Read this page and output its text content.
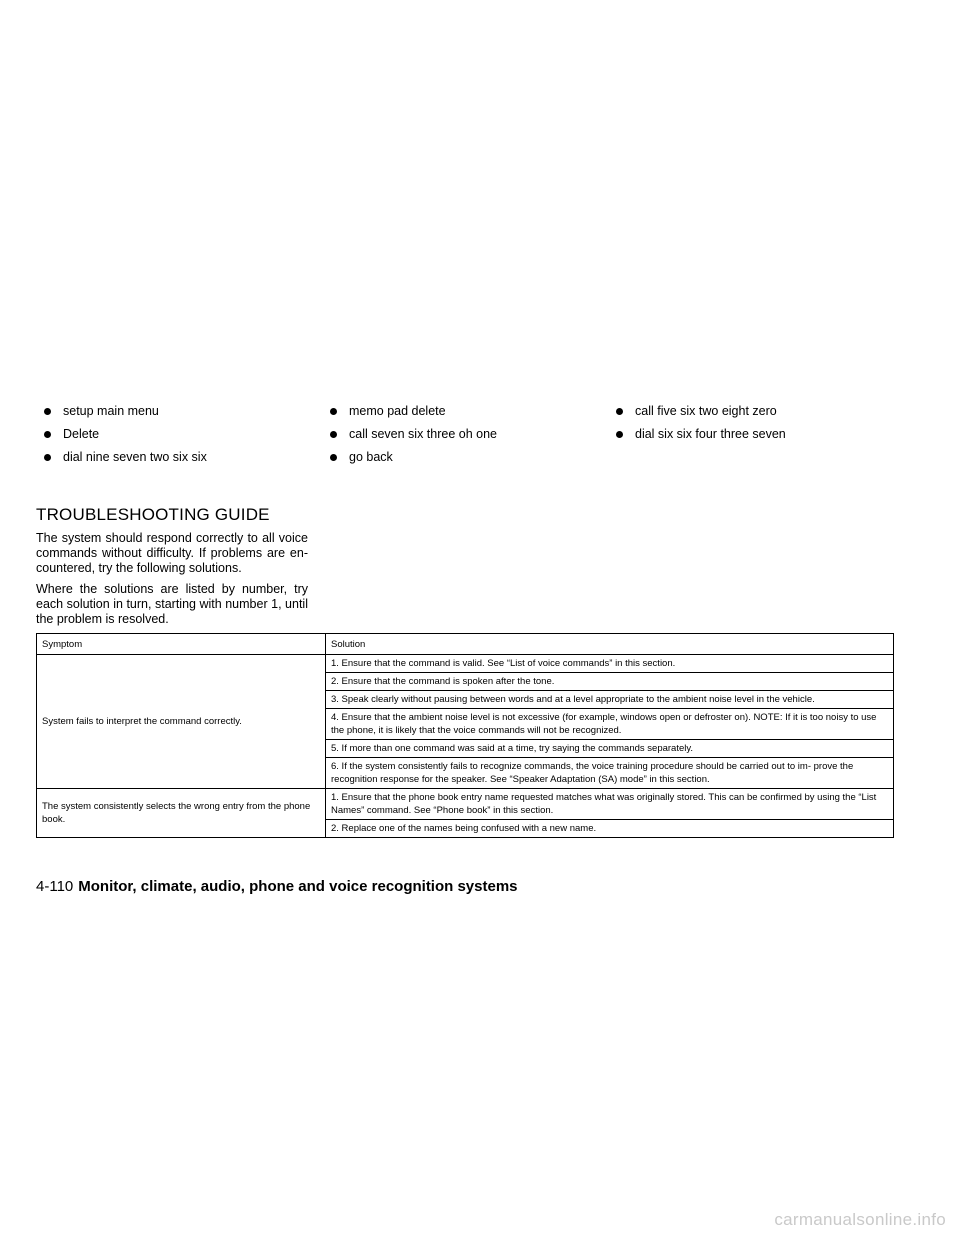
setup main menu
Delete
dial nine seven two six six
memo pad delete
call seven six three oh one
go back
call five six two eight zero
dial six six four three seven
TROUBLESHOOTING GUIDE
The system should respond correctly to all voice commands without difficulty. If problems are en- countered, try the following solutions.
Where the solutions are listed by number, try each solution in turn, starting with number 1, until the problem is resolved.
Symptom	Solution
System fails to interpret the command correctly.	1. Ensure that the command is valid. See “List of voice commands” in this section.
	2. Ensure that the command is spoken after the tone.
	3. Speak clearly without pausing between words and at a level appropriate to the ambient noise level in the vehicle.
	4. Ensure that the ambient noise level is not excessive (for example, windows open or defroster on). NOTE: If it is too noisy to use the phone, it is likely that the voice commands will not be recognized.
	5. If more than one command was said at a time, try saying the commands separately.
	6. If the system consistently fails to recognize commands, the voice training procedure should be carried out to im- prove the recognition response for the speaker. See “Speaker Adaptation (SA) mode” in this section.
The system consistently selects the wrong entry from the phone book.	1. Ensure that the phone book entry name requested matches what was originally stored. This can be confirmed by using the “List Names” command. See “Phone book” in this section.
	2. Replace one of the names being confused with a new name.
4-110 Monitor, climate, audio, phone and voice recognition systems
carmanualsonline.info
